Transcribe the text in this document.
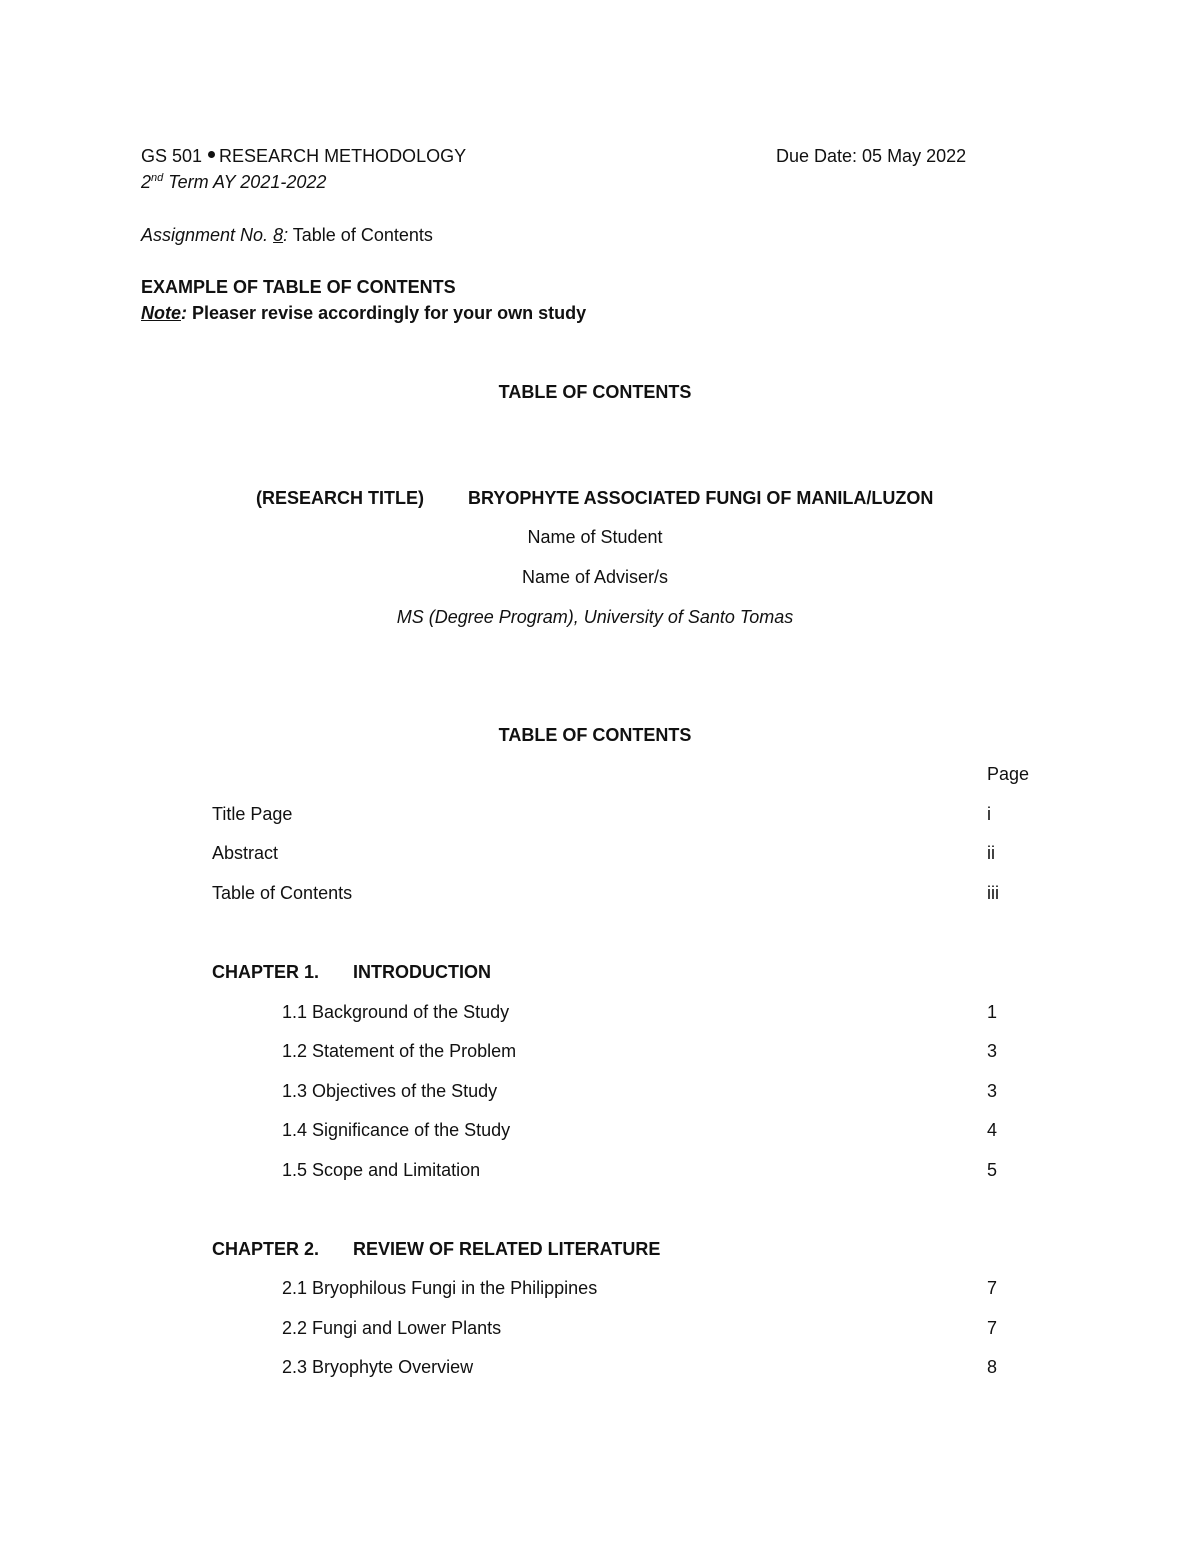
GS 501 RESEARCH METHODOLOGY	Due Date: 05 May 2022
2nd Term AY 2021-2022
Assignment No. 8: Table of Contents
EXAMPLE OF TABLE OF CONTENTS
Note: Pleaser revise accordingly for your own study
TABLE OF CONTENTS
(RESEARCH TITLE) BRYOPHYTE ASSOCIATED FUNGI OF MANILA/LUZON
Name of Student
Name of Adviser/s
MS (Degree Program), University of Santo Tomas
TABLE OF CONTENTS
Page
Title Page	i
Abstract	ii
Table of Contents	iii
CHAPTER 1. INTRODUCTION
1.1 Background of the Study	1
1.2 Statement of the Problem	3
1.3 Objectives of the Study	3
1.4 Significance of the Study	4
1.5 Scope and Limitation	5
CHAPTER 2. REVIEW OF RELATED LITERATURE
2.1 Bryophilous Fungi in the Philippines	7
2.2 Fungi and Lower Plants	7
2.3 Bryophyte Overview	8
